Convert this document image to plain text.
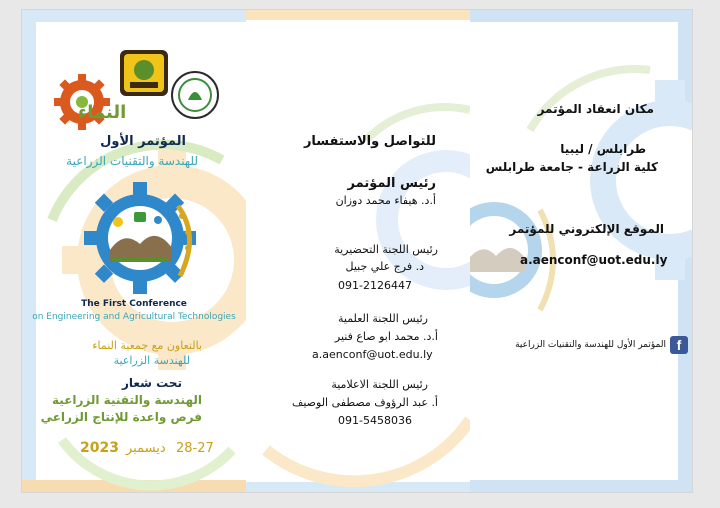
النماء
المؤتمر الأول
للهندسة والتقنيات الزراعية
The First Conference
on Engineering and Agricultural Technologies
بالتعاون مع جمعية النماء
للهندسة الزراعية
تحت شعار
الهندسة والتقنية الزراعية
فرص واعدة للإنتاج الزراعي
2023 ديسمبر 28-27
للتواصل والاستفسار
رئيس المؤتمر
أ.د. هيفاء محمد دوزان
رئيس اللجنة التحضيرية
د. فرج علي جبيل
091-2126447
رئيس اللجنة العلمية
أ.د. محمد ابو صاع فنير
a.aenconf@uot.edu.ly
رئيس اللجنة الاعلامية
أ. عبد الرؤوف مصطفى الوصيف
091-5458036
مكان انعقاد المؤتمر
طرابلس / ليبيا
كلية الزراعة - جامعة طرابلس
الموقع الإلكتروني للمؤتمر
a.aenconf@uot.edu.ly
f
المؤتمر الأول للهندسة والتقنيات الزراعية
